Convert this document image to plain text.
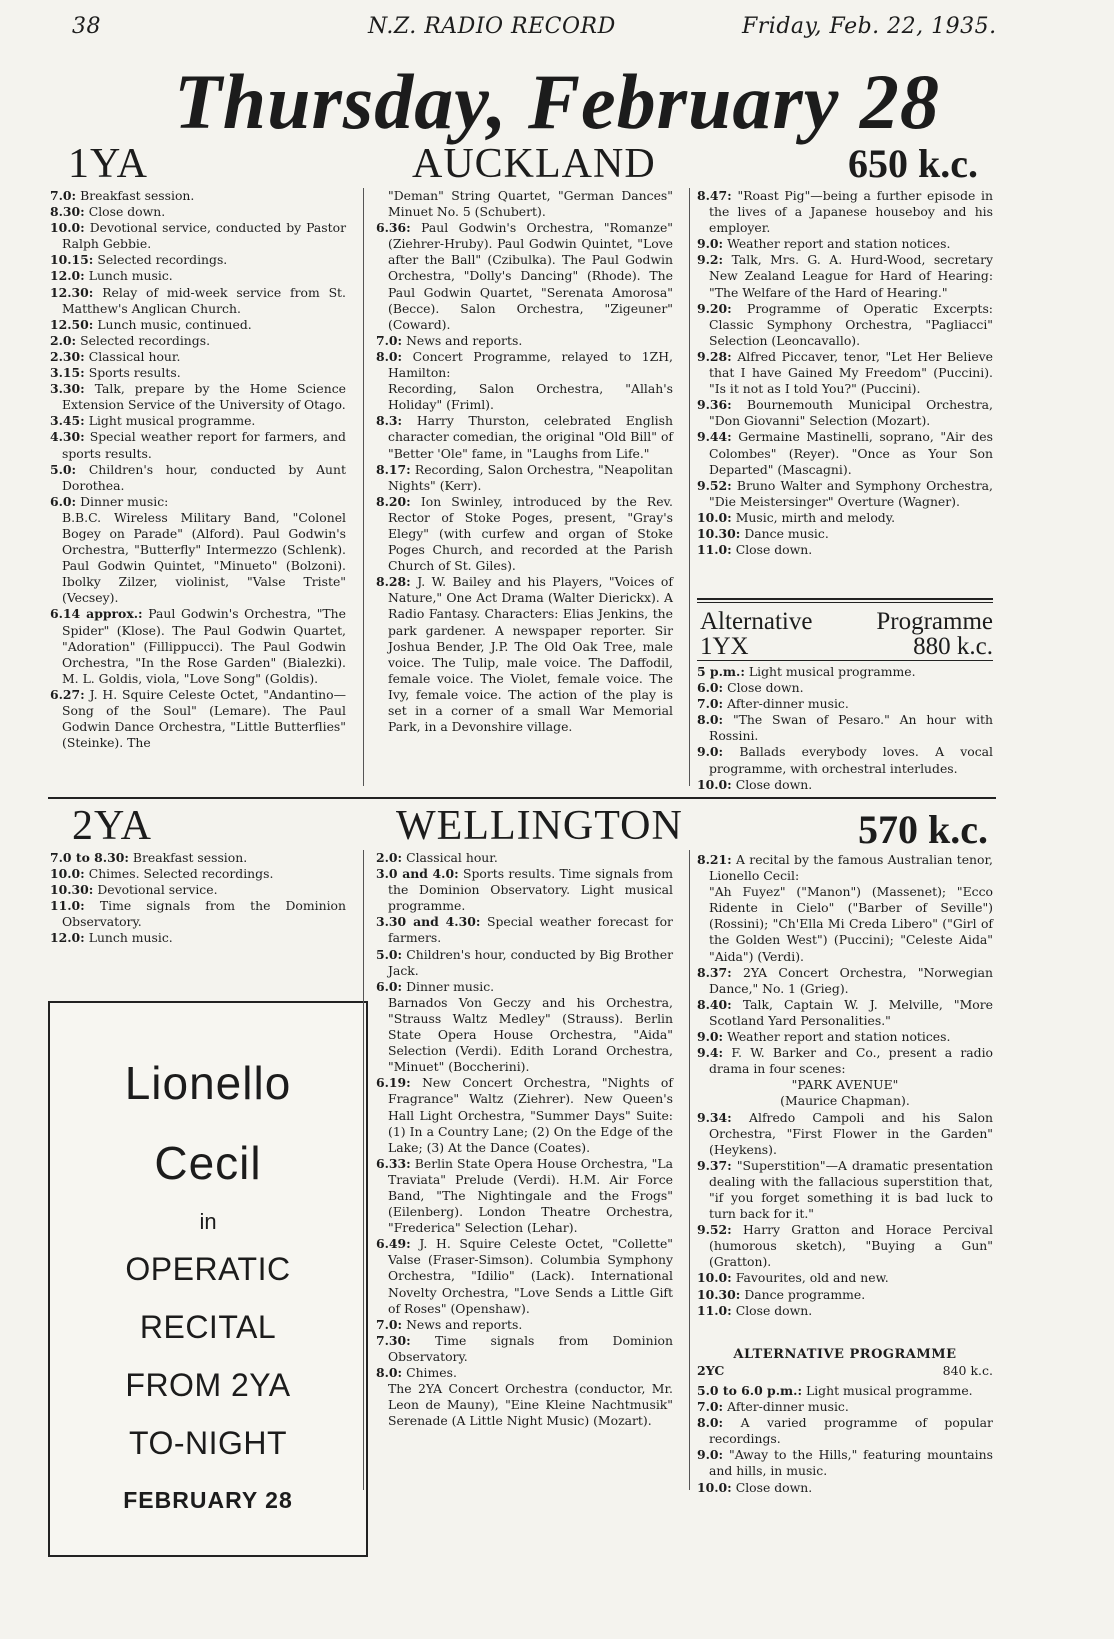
38	N.Z. RADIO RECORD	Friday, Feb. 22, 1935.
Thursday, February 28
1YA	AUCKLAND	650 k.c.

7.0: Breakfast session.

8.30: Close down.

10.0: Devotional service, conducted by Pastor Ralph Gebbie.

10.15: Selected recordings.

12.0: Lunch music.

12.30: Relay of mid-week service from St. Matthew's Anglican Church.

12.50: Lunch music, continued.

2.0: Selected recordings.

2.30: Classical hour.

3.15: Sports results.

3.30: Talk, prepare by the Home Science Extension Service of the University of Otago.

3.45: Light musical programme.

4.30: Special weather report for farmers, and sports results.

5.0: Children's hour, conducted by Aunt Dorothea.

6.0: Dinner music:

B.B.C. Wireless Military Band, "Colonel Bogey on Parade" (Alford). Paul Godwin's Orchestra, "Butterfly" Intermezzo (Schlenk). Paul Godwin Quintet, "Minueto" (Bolzoni). Ibolky Zilzer, violinist, "Valse Triste" (Vecsey).

6.14 approx.: Paul Godwin's Orchestra, "The Spider" (Klose). The Paul Godwin Quartet, "Adoration" (Fillippucci). The Paul Godwin Orchestra, "In the Rose Garden" (Bialezki). M. L. Goldis, viola, "Love Song" (Goldis).

6.27: J. H. Squire Celeste Octet, "Andantino—Song of the Soul" (Lemare). The Paul Godwin Dance Orchestra, "Little Butterflies" (Steinke). The

"Deman" String Quartet, "German Dances" Minuet No. 5 (Schubert).

6.36: Paul Godwin's Orchestra, "Romanze" (Ziehrer-Hruby). Paul Godwin Quintet, "Love after the Ball" (Czibulka). The Paul Godwin Orchestra, "Dolly's Dancing" (Rhode). The Paul Godwin Quartet, "Serenata Amorosa" (Becce). Salon Orchestra, "Zigeuner" (Coward).

7.0: News and reports.

8.0: Concert Programme, relayed to 1ZH, Hamilton:

Recording, Salon Orchestra, "Allah's Holiday" (Friml).

8.3: Harry Thurston, celebrated English character comedian, the original "Old Bill" of "Better 'Ole" fame, in "Laughs from Life."

8.17: Recording, Salon Orchestra, "Neapolitan Nights" (Kerr).

8.20: Ion Swinley, introduced by the Rev. Rector of Stoke Poges, present, "Gray's Elegy" (with curfew and organ of Stoke Poges Church, and recorded at the Parish Church of St. Giles).

8.28: J. W. Bailey and his Players, "Voices of Nature," One Act Drama (Walter Dierickx). A Radio Fantasy. Characters: Elias Jenkins, the park gardener. A newspaper reporter. Sir Joshua Bender, J.P. The Old Oak Tree, male voice. The Tulip, male voice. The Daffodil, female voice. The Violet, female voice. The Ivy, female voice. The action of the play is set in a corner of a small War Memorial Park, in a Devonshire village.

8.47: "Roast Pig"—being a further episode in the lives of a Japanese houseboy and his employer.

9.0: Weather report and station notices.

9.2: Talk, Mrs. G. A. Hurd-Wood, secretary New Zealand League for Hard of Hearing: "The Welfare of the Hard of Hearing."

9.20: Programme of Operatic Excerpts: Classic Symphony Orchestra, "Pagliacci" Selection (Leoncavallo).

9.28: Alfred Piccaver, tenor, "Let Her Believe that I have Gained My Freedom" (Puccini). "Is it not as I told You?" (Puccini).

9.36: Bournemouth Municipal Orchestra, "Don Giovanni" Selection (Mozart).

9.44: Germaine Mastinelli, soprano, "Air des Colombes" (Reyer). "Once as Your Son Departed" (Mascagni).

9.52: Bruno Walter and Symphony Orchestra, "Die Meistersinger" Overture (Wagner).

10.0: Music, mirth and melody.

10.30: Dance music.

11.0: Close down.

Alternative	Programme
1YX	880 k.c.

5 p.m.: Light musical programme.

6.0: Close down.

7.0: After-dinner music.

8.0: "The Swan of Pesaro." An hour with Rossini.

9.0: Ballads everybody loves. A vocal programme, with orchestral interludes.

10.0: Close down.

2YA	WELLINGTON	570 k.c.

7.0 to 8.30: Breakfast session.

10.0: Chimes. Selected recordings.

10.30: Devotional service.

11.0: Time signals from the Dominion Observatory.

12.0: Lunch music.

Lionello
Cecil
in
OPERATIC
RECITAL
FROM 2YA
TO-NIGHT
FEBRUARY 28

2.0: Classical hour.

3.0 and 4.0: Sports results. Time signals from the Dominion Observatory. Light musical programme.

3.30 and 4.30: Special weather forecast for farmers.

5.0: Children's hour, conducted by Big Brother Jack.

6.0: Dinner music.

Barnados Von Geczy and his Orchestra, "Strauss Waltz Medley" (Strauss). Berlin State Opera House Orchestra, "Aida" Selection (Verdi). Edith Lorand Orchestra, "Minuet" (Boccherini).

6.19: New Concert Orchestra, "Nights of Fragrance" Waltz (Ziehrer). New Queen's Hall Light Orchestra, "Summer Days" Suite: (1) In a Country Lane; (2) On the Edge of the Lake; (3) At the Dance (Coates).

6.33: Berlin State Opera House Orchestra, "La Traviata" Prelude (Verdi). H.M. Air Force Band, "The Nightingale and the Frogs" (Eilenberg). London Theatre Orchestra, "Frederica" Selection (Lehar).

6.49: J. H. Squire Celeste Octet, "Collette" Valse (Fraser-Simson). Columbia Symphony Orchestra, "Idilio" (Lack). International Novelty Orchestra, "Love Sends a Little Gift of Roses" (Openshaw).

7.0: News and reports.

7.30: Time signals from Dominion Observatory.

8.0: Chimes.

The 2YA Concert Orchestra (conductor, Mr. Leon de Mauny), "Eine Kleine Nachtmusik" Serenade (A Little Night Music) (Mozart).

8.21: A recital by the famous Australian tenor, Lionello Cecil:

"Ah Fuyez" ("Manon") (Massenet); "Ecco Ridente in Cielo" ("Barber of Seville") (Rossini); "Ch'Ella Mi Creda Libero" ("Girl of the Golden West") (Puccini); "Celeste Aida" "Aida") (Verdi).

8.37: 2YA Concert Orchestra, "Norwegian Dance," No. 1 (Grieg).

8.40: Talk, Captain W. J. Melville, "More Scotland Yard Personalities."

9.0: Weather report and station notices.

9.4: F. W. Barker and Co., present a radio drama in four scenes:

"PARK AVENUE"

(Maurice Chapman).

9.34: Alfredo Campoli and his Salon Orchestra, "First Flower in the Garden" (Heykens).

9.37: "Superstition"—A dramatic presentation dealing with the fallacious superstition that, "if you forget something it is bad luck to turn back for it."

9.52: Harry Gratton and Horace Percival (humorous sketch), "Buying a Gun" (Gratton).

10.0: Favourites, old and new.

10.30: Dance programme.

11.0: Close down.

ALTERNATIVE PROGRAMME
2YC	840 k.c.

5.0 to 6.0 p.m.: Light musical programme.

7.0: After-dinner music.

8.0: A varied programme of popular recordings.

9.0: "Away to the Hills," featuring mountains and hills, in music.

10.0: Close down.
